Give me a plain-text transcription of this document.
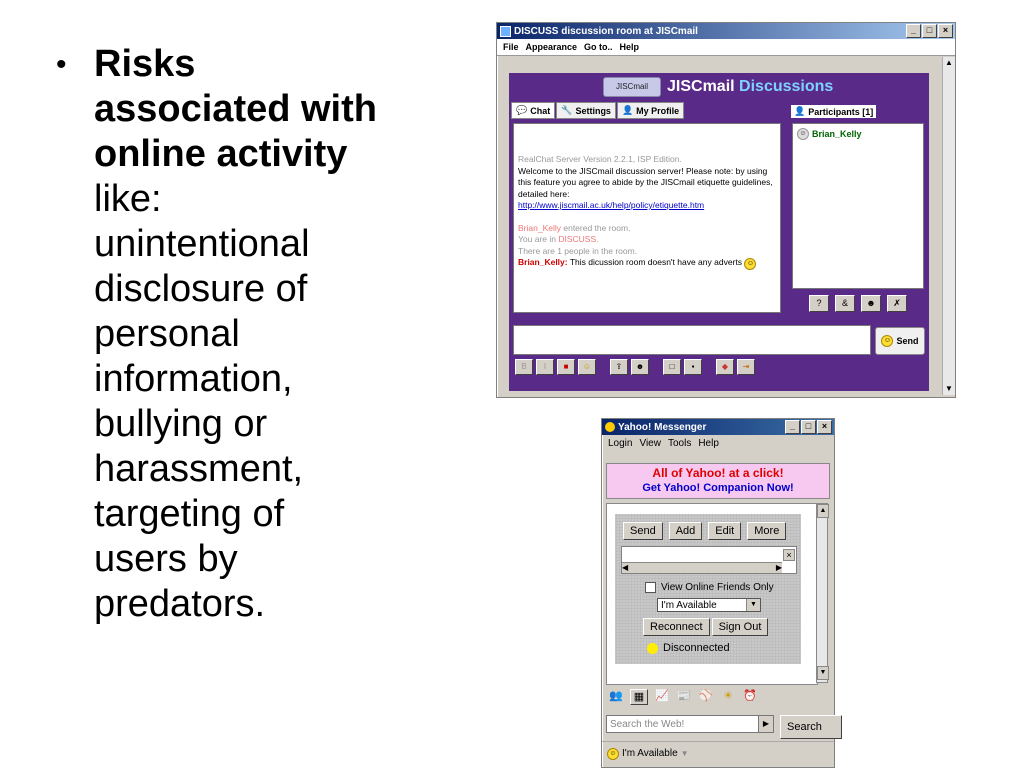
• Risks associated with online activity like: unintentional disclosure of personal information, bullying or harassment, targeting of users by predators.
DISCUSS discussion room at JISCmail	_	□	×
File Appearance Go to.. Help
JISCmail	JISCmail Discussions
💬 Chat 🔧 Settings 👤 My Profile

RealChat Server Version 2.2.1, ISP Edition.

Welcome to the JISCmail discussion server! Please note: by using this feature you agree to abide by the JISCmail etiquette guidelines, detailed here:

http://www.jiscmail.ac.uk/help/policy/etiquette.htm

Brian_Kelly entered the room.

You are in DISCUSS.

There are 1 people in the room.

Brian_Kelly: This dicussion room doesn't have any adverts ☺

👤 Participants [1]
☺ Brian_Kelly
?	&	☻	✗
☺ Send
B	I	■	☺	⇪	☻	□	▪	◆	⇥
▲
▼
Yahoo! Messenger	_	□	×
Login View Tools Help
All of Yahoo! at a click!
Get Yahoo! Companion Now!
Send	Add	Edit	More
×
◀	▶
View Online Friends Only
I'm Available	▼
Reconnect	Sign Out
Disconnected
▲
▼
👥 ▦ 📈 📰 ⚾ ☀ ⏰
Search the Web!	▶	Search
☺ I'm Available ▼
